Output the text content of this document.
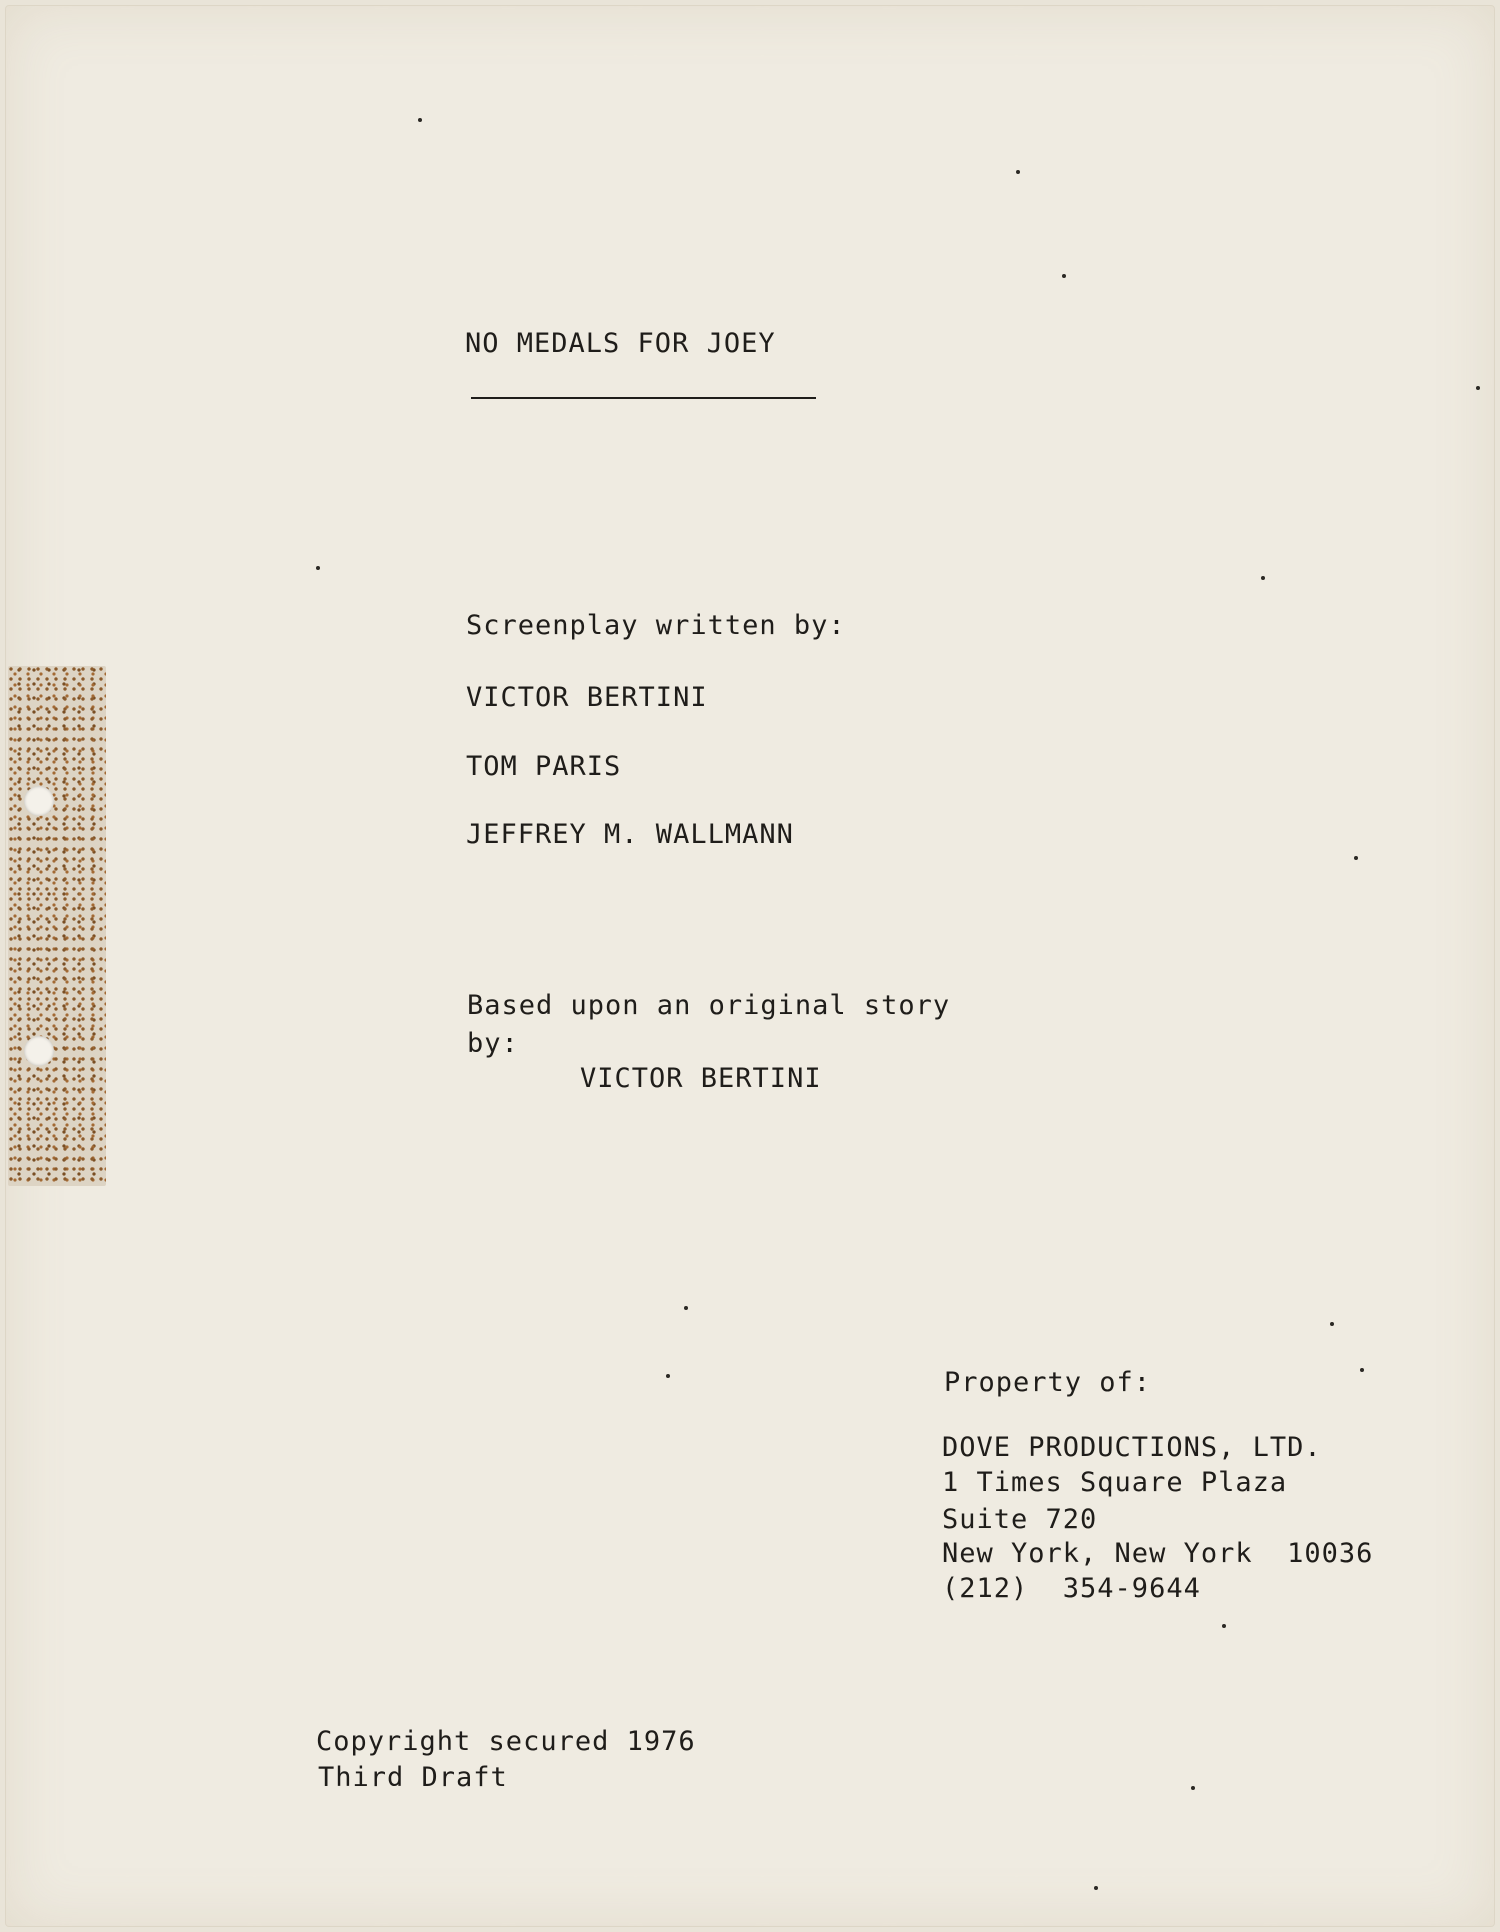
NO MEDALS FOR JOEY

Screenplay written by:

VICTOR BERTINI

TOM PARIS

JEFFREY M. WALLMANN

Based upon an original story

by:

VICTOR BERTINI

Property of:

DOVE PRODUCTIONS, LTD.

1 Times Square Plaza

Suite 720

New York, New York  10036

(212)  354-9644

Copyright secured 1976

Third Draft
